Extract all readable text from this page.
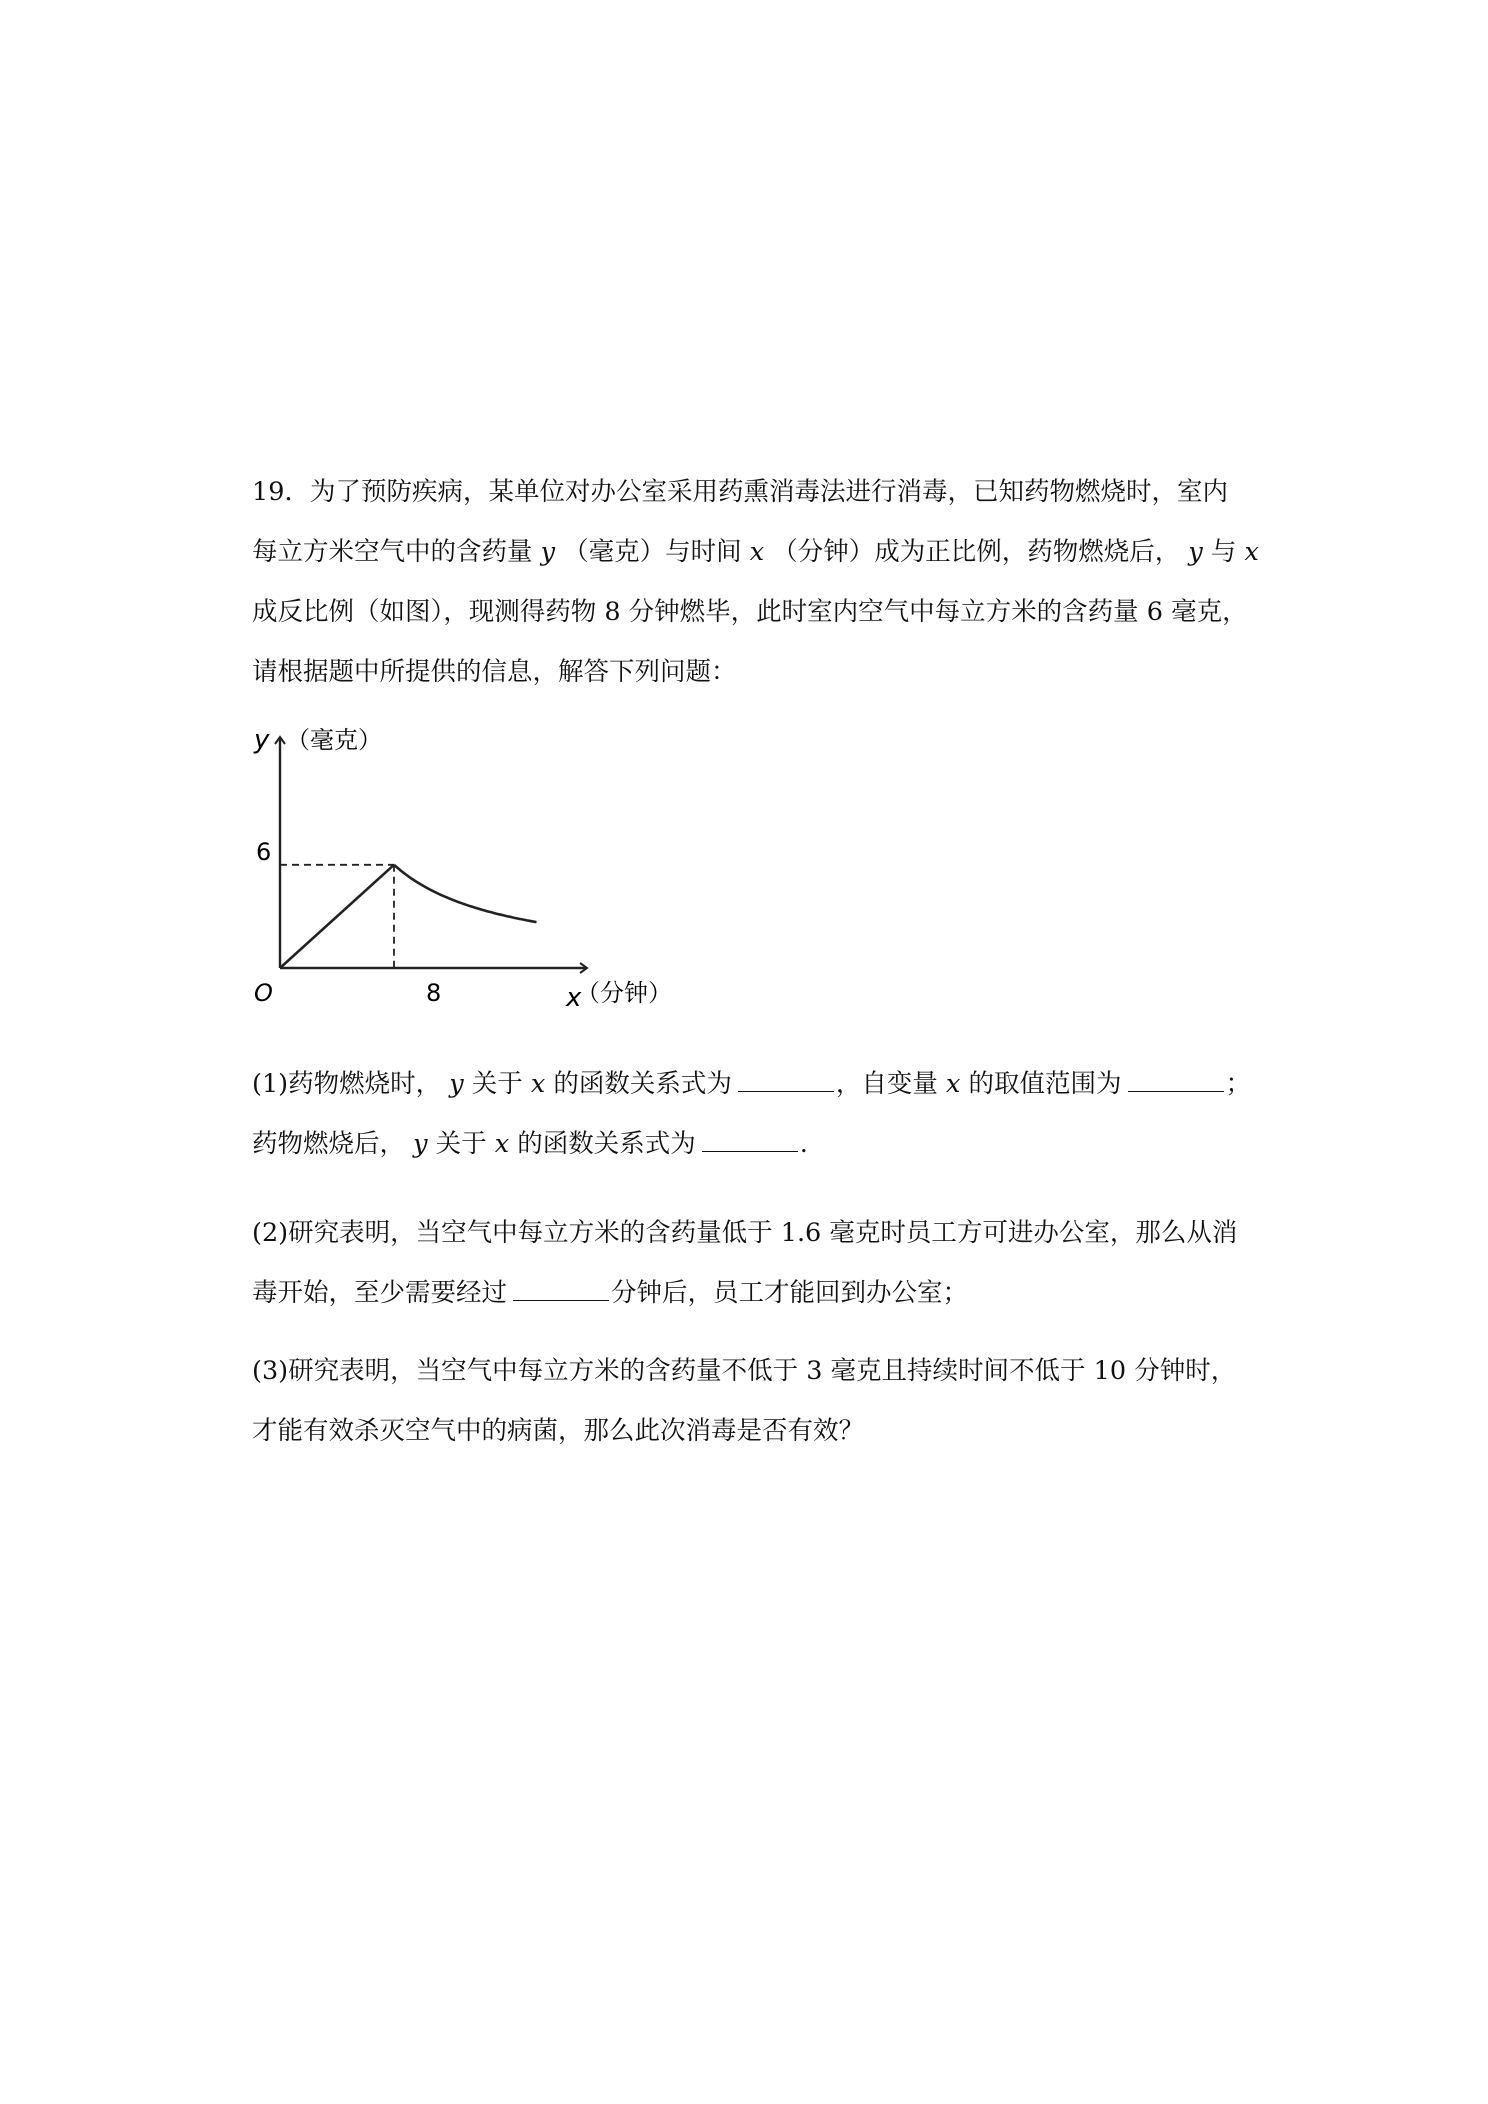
19．为了预防疾病，某单位对办公室采用药熏消毒法进行消毒，已知药物燃烧时，室内
每立方米空气中的含药量 y （毫克）与时间 x （分钟）成为正比例，药物燃烧后， y 与 x
成反比例（如图），现测得药物 8 分钟燃毕，此时室内空气中每立方米的含药量 6 毫克，
请根据题中所提供的信息，解答下列问题：
y （毫克）
6
O	8	x
（分钟）
(1)药物燃烧时， y 关于 x 的函数关系式为	，自变量 x 的取值范围为	；
药物燃烧后， y 关于 x 的函数关系式为	.
(2)研究表明，当空气中每立方米的含药量低于 1.6 毫克时员工方可进办公室，那么从消
毒开始，至少需要经过	分钟后，员工才能回到办公室；
(3)研究表明，当空气中每立方米的含药量不低于 3 毫克且持续时间不低于 10 分钟时，
才能有效杀灭空气中的病菌，那么此次消毒是否有效？
